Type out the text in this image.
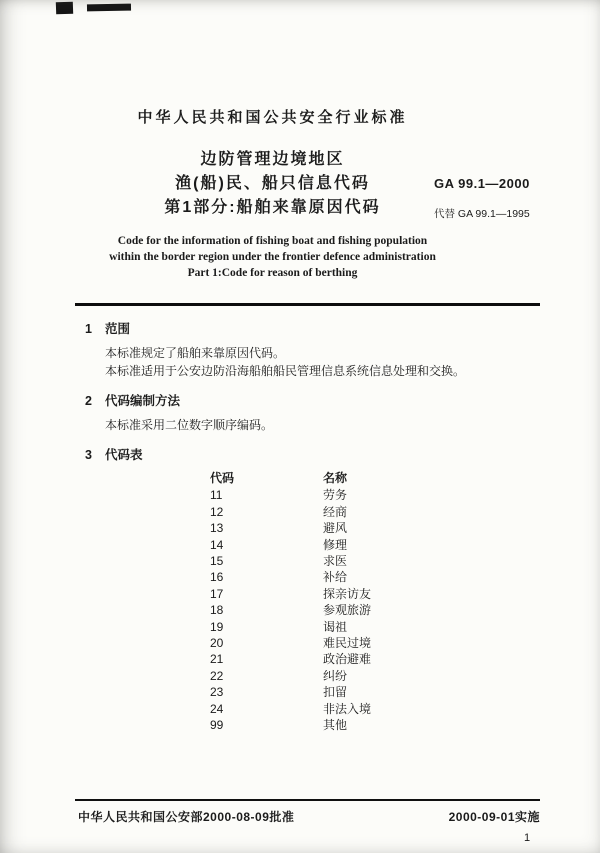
中华人民共和国公共安全行业标准
边防管理边境地区
渔(船)民、船只信息代码
第1部分:船舶来靠原因代码
GA 99.1—2000
代替 GA 99.1—1995
Code for the information of fishing boat and fishing population
within the border region under the frontier defence administration
Part 1:Code for reason of berthing

1 范围

本标准规定了船舶来靠原因代码。

本标准适用于公安边防沿海船舶船民管理信息系统信息处理和交换。

2 代码编制方法

本标准采用二位数字顺序编码。

3 代码表

代码	名称
11	劳务
12	经商
13	避风
14	修理
15	求医
16	补给
17	探亲访友
18	参观旅游
19	谒祖
20	难民过境
21	政治避难
22	纠纷
23	扣留
24	非法入境
99	其他
中华人民共和国公安部2000-08-09批准	2000-09-01实施
1
